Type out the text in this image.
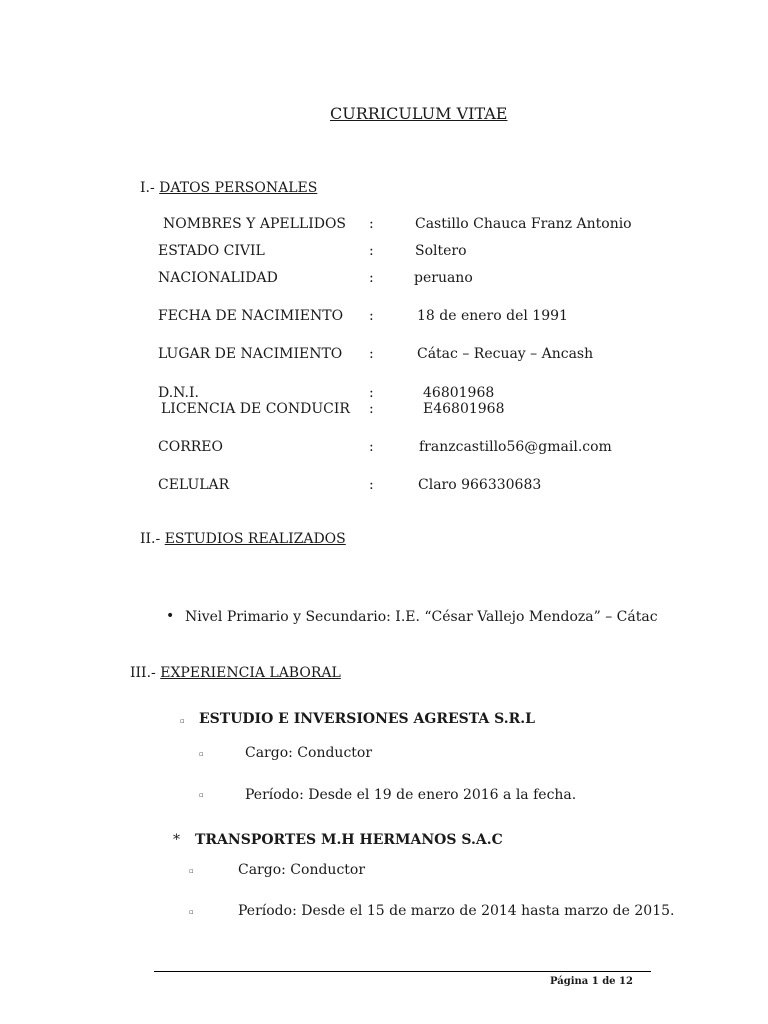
CURRICULUM VITAE
I.- DATOS PERSONALES
NOMBRES Y APELLIDOS :	Castillo Chauca Franz Antonio
ESTADO CIVIL	:	Soltero
NACIONALIDAD	:	peruano
FECHA DE NACIMIENTO :	18 de enero del 1991
LUGAR DE NACIMIENTO :	Cátac – Recuay – Ancash
D.N.I.	:	46801968
LICENCIA DE CONDUCIR :	E46801968
CORREO	:	franzcastillo56@gmail.com
CELULAR	:	Claro 966330683
II.- ESTUDIOS REALIZADOS
• Nivel Primario y Secundario: I.E. “César Vallejo Mendoza” – Cátac
III.- EXPERIENCIA LABORAL
▫ ESTUDIO E INVERSIONES AGRESTA S.R.L
▫	Cargo: Conductor
▫	Período: Desde el 19 de enero 2016 a la fecha.
* TRANSPORTES M.H HERMANOS S.A.C
▫	Cargo: Conductor
▫	Período: Desde el 15 de marzo de 2014 hasta marzo de 2015.
Página 1 de 12
